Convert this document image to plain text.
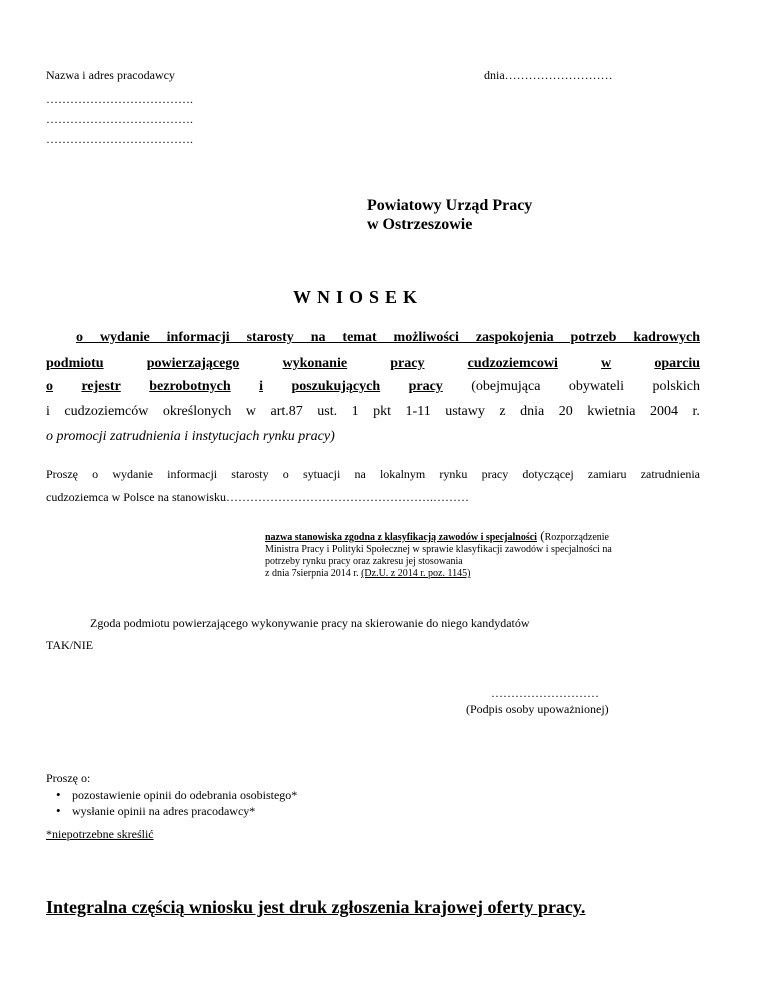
Nazwa i adres pracodawcy	dnia………………………
……………………………….
……………………………….
……………………………….
Powiatowy Urząd Pracy
w Ostrzeszowie
WNIOSEK
o wydanie informacji starosty na temat możliwości zaspokojenia potrzeb kadrowych
podmiotu	powierzającego	wykonanie	pracy	cudzoziemcowi	w	oparciu
o rejestr bezrobotnych i poszukujących pracy (obejmująca obywateli polskich
i cudzoziemców określonych w art.87 ust. 1 pkt 1-11 ustawy z dnia 20 kwietnia 2004 r.
o promocji zatrudnienia i instytucjach rynku pracy)
Proszę o wydanie informacji starosty o sytuacji na lokalnym rynku pracy dotyczącej zamiaru zatrudnienia
cudzoziemca w Polsce na stanowisku…………………………………………….………
nazwa stanowiska zgodna z klasyfikacją zawodów i specjalności (Rozporządzenie
Ministra Pracy i Polityki Społecznej w sprawie klasyfikacji zawodów i specjalności na
potrzeby rynku pracy oraz zakresu jej stosowania
z dnia 7sierpnia 2014 r. (Dz.U. z 2014 r. poz. 1145)
Zgoda podmiotu powierzającego wykonywanie pracy na skierowanie do niego kandydatów
TAK/NIE
………………………
(Podpis osoby upoważnionej)
Proszę o:
• pozostawienie opinii do odebrania osobistego*
• wysłanie opinii na adres pracodawcy*
*niepotrzebne skreślić
Integralna częścią wniosku jest druk zgłoszenia krajowej oferty pracy.
